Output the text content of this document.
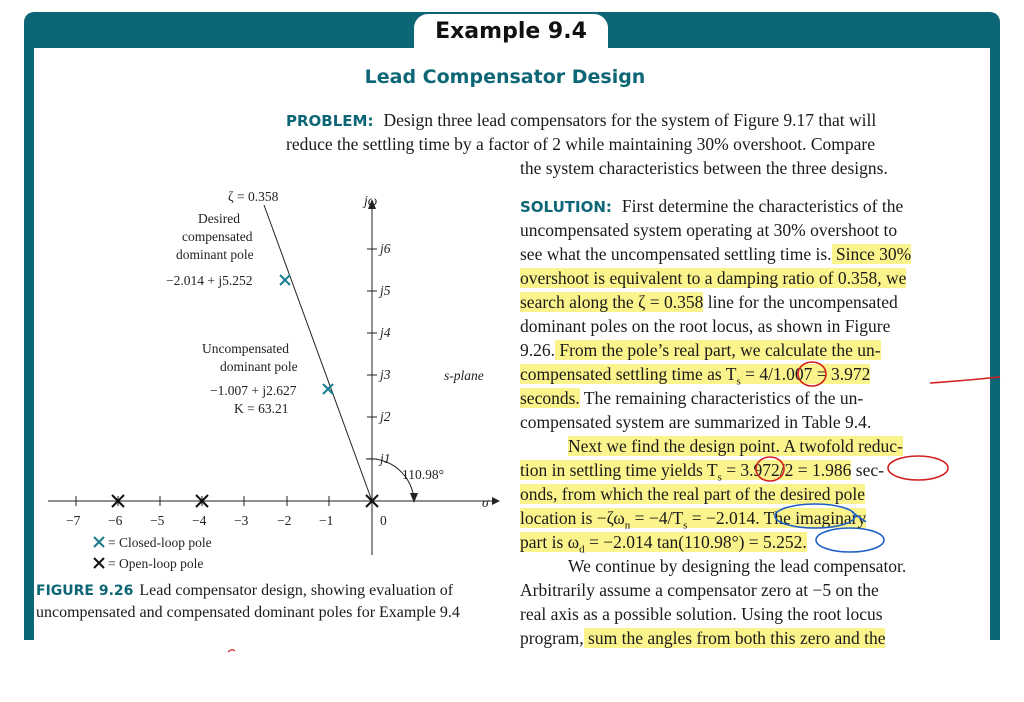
Example 9.4
Lead Compensator Design
PROBLEM: Design three lead compensators for the system of Figure 9.17 that will
reduce the settling time by a factor of 2 while maintaining 30% overshoot. Compare
the system characteristics between the three designs.
SOLUTION: First determine the characteristics of the
uncompensated system operating at 30% overshoot to
see what the uncompensated settling time is. Since 30%
overshoot is equivalent to a damping ratio of 0.358, we
search along the ζ = 0.358 line for the uncompensated
dominant poles on the root locus, as shown in Figure
9.26. From the pole’s real part, we calculate the un-
compensated settling time as $T_s = 4/1.007 = 3.972$
seconds. The remaining characteristics of the un-
compensated system are summarized in Table 9.4.
Next we find the design point. A twofold reduc-
tion in settling time yields $T_s = 3.972/2 = 1.986$ sec-
onds, from which the real part of the desired pole
location is $-\zeta\omega_n = -4/T_s = -2.014$. The imaginary
part is $\omega_d = -2.014$ tan(110.98°) = 5.252.
We continue by designing the lead compensator.
Arbitrarily assume a compensator zero at −5 on the
real axis as a possible solution. Using the root locus
program, sum the angles from both this zero and the
jω
σ
s-plane
−7 −6 −5 −4 −3 −2 −1	0
j1
j2
j3
j4
j5
j6
ζ = 0.358
110.98°
Desired
compensated
dominant pole
−2.014 + j5.252
Uncompensated
dominant pole
−1.007 + j2.627
K = 63.21
= Closed-loop pole
= Open-loop pole
FIGURE 9.26 Lead compensator design, showing evaluation of uncompensated and compensated dominant poles for Example 9.4
